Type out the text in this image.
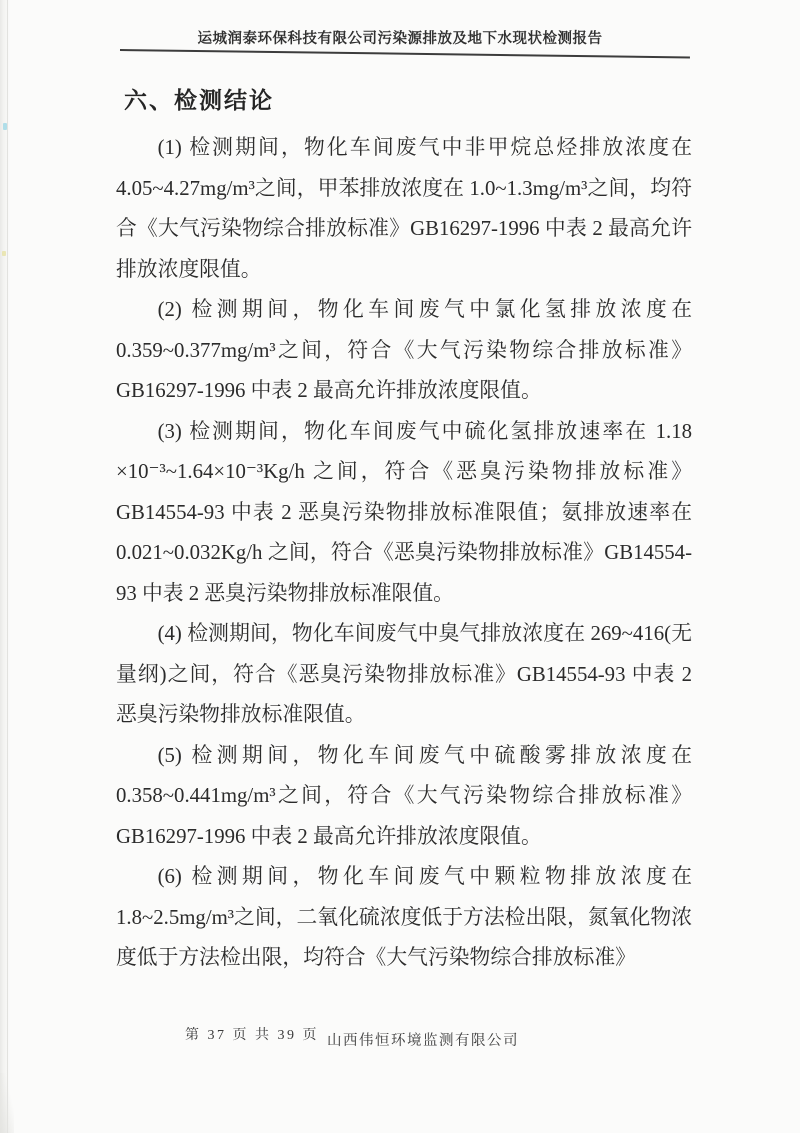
运城润泰环保科技有限公司污染源排放及地下水现状检测报告
六、检测结论

(1) 检测期间，物化车间废气中非甲烷总烃排放浓度在 4.05~4.27mg/m³之间，甲苯排放浓度在 1.0~1.3mg/m³之间，均符合《大气污染物综合排放标准》GB16297-1996 中表 2 最高允许排放浓度限值。

(2) 检测期间，物化车间废气中氯化氢排放浓度在 0.359~0.377mg/m³之间，符合《大气污染物综合排放标准》GB16297-1996 中表 2 最高允许排放浓度限值。

(3) 检测期间，物化车间废气中硫化氢排放速率在 1.18​×10⁻³~1.64×10⁻³Kg/h 之间，符合《恶臭污染物排放标准》GB14554-93 中表 2 恶臭污染物排放标准限值；氨排放速率在 0.021~0.032Kg/h 之间，符合《恶臭污染物排放标准》GB14554-93 中表 2 恶臭污染物排放标准限值。

(4) 检测期间，物化车间废气中臭气排放浓度在 269~​416(无量纲)之间，符合《恶臭污染物排放标准》GB14554-93 中表 2 恶臭污染物排放标准限值。

(5) 检测期间，物化车间废气中硫酸雾排放浓度在 0.358~0.441mg/m³之间，符合《大气污染物综合排放标准》GB16297-1996 中表 2 最高允许排放浓度限值。

(6) 检测期间，物化车间废气中颗粒物排放浓度在 1.8~2.5mg/m³之间，二氧化硫浓度低于方法检出限，氮氧化物浓度低于方法检出限，均符合《大气污染物综合排放标准》

第 37 页 共 39 页 山西伟恒环境监测有限公司
